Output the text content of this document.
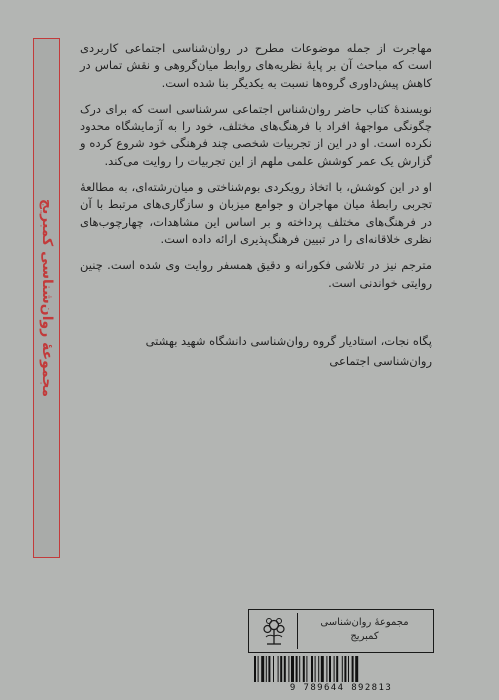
مجموعهٔ روان‌شناسی کمبریج

مهاجرت از جمله موضوعات مطرح در روان‌شناسی اجتماعی کاربردی است که مباحث آن بر پایهٔ نظریه‌های روابط میان‌گروهی و نقش تماس در کاهش پیش‌داوری گروه‌ها نسبت به یکدیگر بنا شده است.

نویسندهٔ کتاب حاضر روان‌شناس اجتماعی سرشناسی است که برای درک چگونگی مواجههٔ افراد با فرهنگ‌های مختلف، خود را به آزمایشگاه محدود نکرده است. او در این از تجربیات شخصی چند فرهنگی خود شروع کرده و گزارش یک عمر کوشش علمی ملهم از این تجربیات را روایت می‌کند.

او در این کوشش، با اتخاذ رویکردی بوم‌شناختی و میان‌رشته‌ای، به مطالعهٔ تجربی رابطهٔ میان مهاجران و جوامع میزبان و سازگاری‌های مرتبط با آن در فرهنگ‌های مختلف پرداخته و بر اساس این مشاهدات، چهارچوب‌های نظری خلاقانه‌ای را در تبیین فرهنگ‌پذیری ارائه داده است.

مترجم نیز در تلاشی فکورانه و دقیق همسفر روایت وی شده است. چنین روایتی خواندنی است.

پگاه نجات، استادیار گروه روان‌شناسی دانشگاه شهید بهشتی
روان‌شناسی اجتماعی
مجموعهٔ روان‌شناسی
کمبریج
9 789644 892813
